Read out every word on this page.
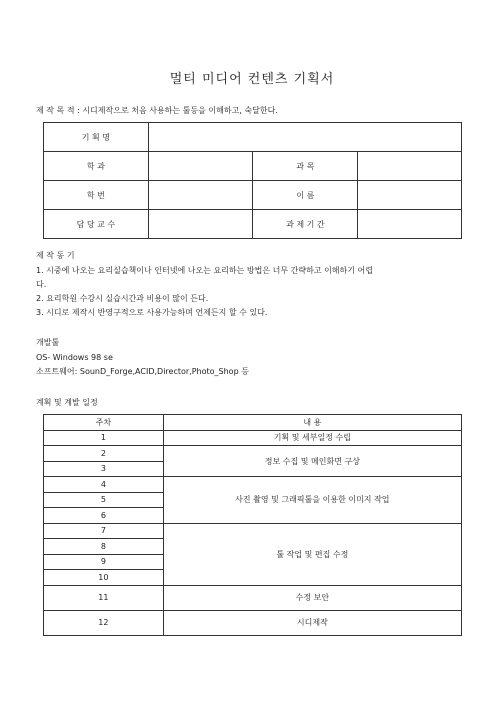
멀티 미디어 컨텐츠 기획서
제 작 목 적 : 시디제작으로 처음 사용하는 툴등을 이해하고, 숙달한다.
기 획 명			
학 과		과 목	
학 번		이 름	
담 당 교 수		과 제 기 간	
제 작 동 기
1. 시중에 나오는 요리실습책이나 인터넷에 나오는 요리하는 방법은 너무 간략하고 이해하기 어렵
다.
2. 요리학원 수강시 실습시간과 비용이 많이 든다.
3. 시디로 제작시 반영구적으로 사용가능하며 언제든지 할 수 있다.
개발툴
OS- Windows 98 se
소프트웨어: SounD_Forge,ACID,Director,Photo_Shop 등
계획 및 계발 일정
주차	내 용
1	기획 및 세부일정 수립
2	정보 수집 및 메인화면 구상
3	
4	사진 촬영 및 그래픽툴을 이용한 이미지 작업
5	
6	
7	툴 작업 및 편집 수정
8	
9	
10	
11	수정 보안
12	시디제작
